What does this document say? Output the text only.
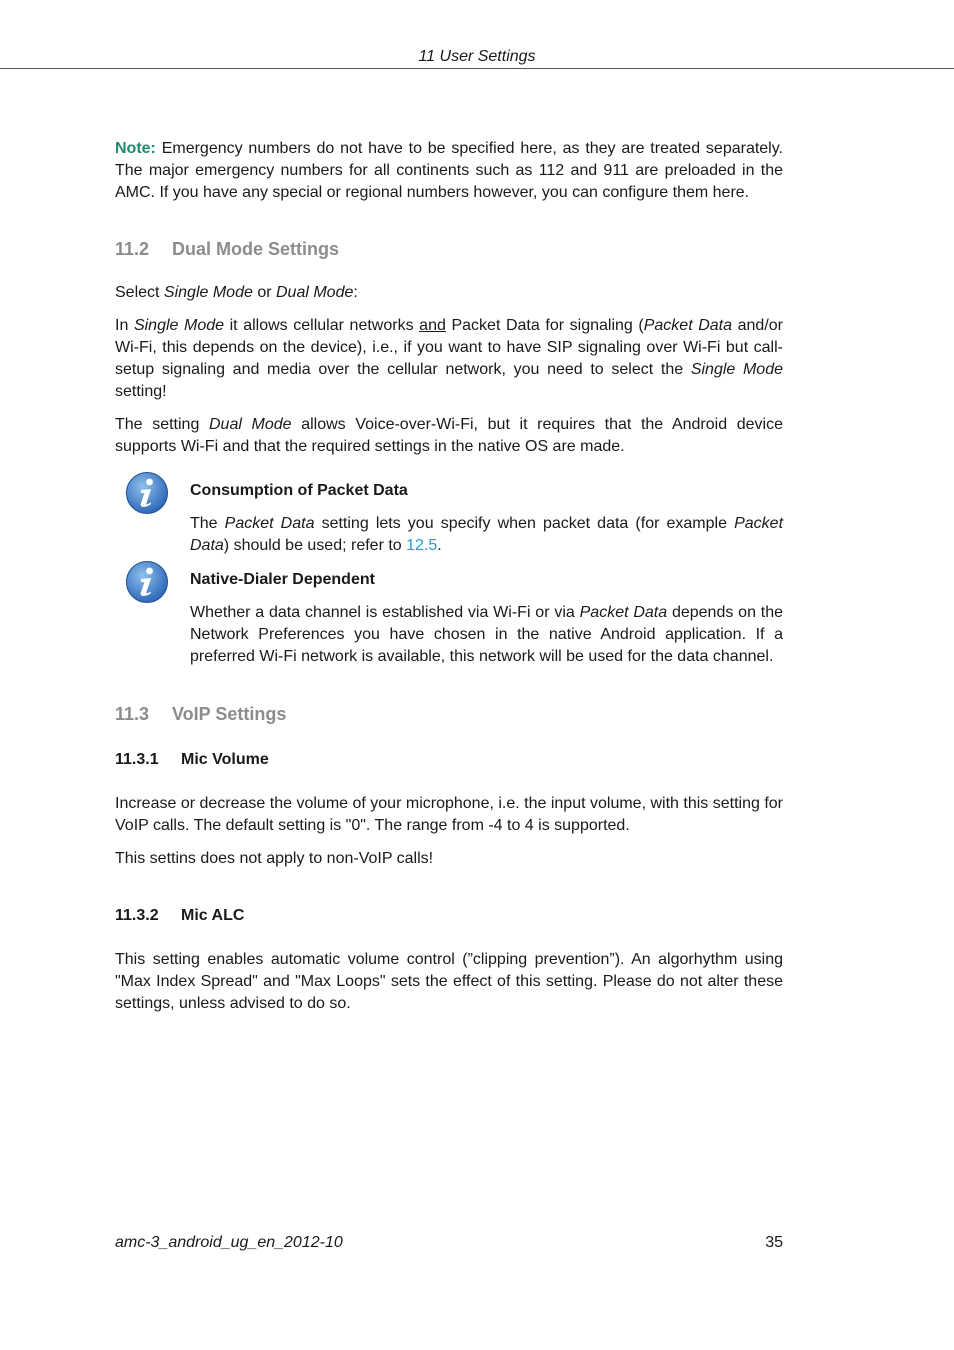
11 User Settings

Note: Emergency numbers do not have to be specified here, as they are treated separately. The major emergency numbers for all continents such as 112 and 911 are preloaded in the AMC. If you have any special or regional numbers however, you can configure them here.

11.2 Dual Mode Settings

Select Single Mode or Dual Mode:

In Single Mode it allows cellular networks and Packet Data for signaling (Packet Data and/or Wi-Fi, this depends on the device), i.e., if you want to have SIP signaling over Wi-Fi but call-setup signaling and media over the cellular network, you need to select the Single Mode setting!

The setting Dual Mode allows Voice-over-Wi-Fi, but it requires that the Android device supports Wi-Fi and that the required settings in the native OS are made.

Consumption of Packet Data

The Packet Data setting lets you specify when packet data (for example Packet Data) should be used; refer to 12.5.

Native-Dialer Dependent

Whether a data channel is established via Wi-Fi or via Packet Data depends on the Network Preferences you have chosen in the native Android application. If a preferred Wi-Fi network is available, this network will be used for the data channel.

11.3 VoIP Settings
11.3.1 Mic Volume

Increase or decrease the volume of your microphone, i.e. the input volume, with this setting for VoIP calls. The default setting is "0". The range from -4 to 4 is supported.

This settins does not apply to non-VoIP calls!

11.3.2 Mic ALC

This setting enables automatic volume control (”clipping prevention”). An algorhythm using "Max Index Spread" and "Max Loops" sets the effect of this setting. Please do not alter these settings, unless advised to do so.

amc-3_android_ug_en_2012-10	35
